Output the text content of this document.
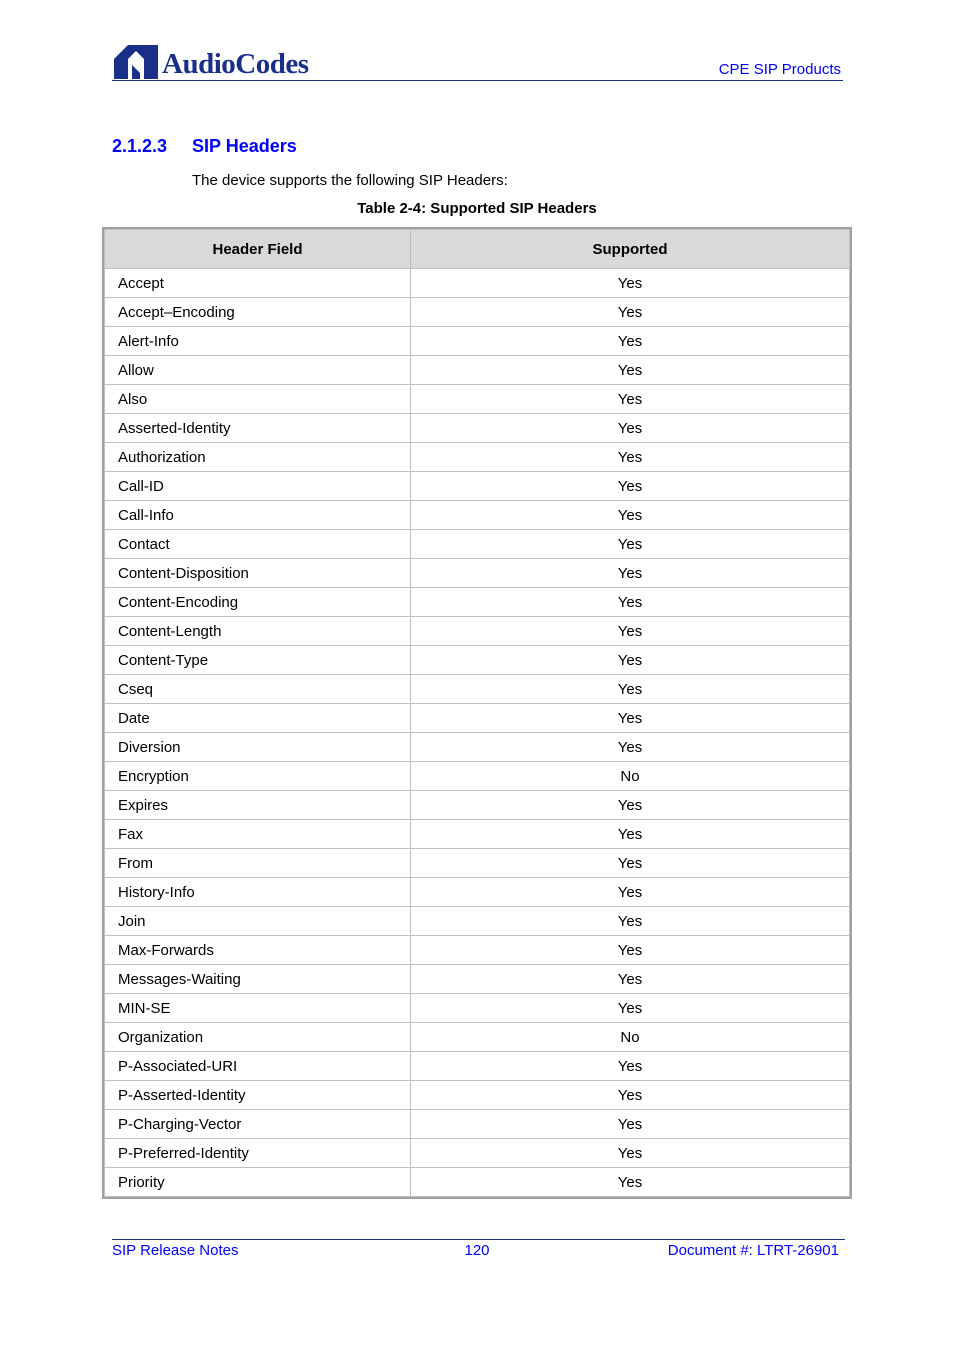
AudioCodes	CPE SIP Products
2.1.2.3 SIP Headers
The device supports the following SIP Headers:
Table 2-4: Supported SIP Headers
Header Field	Supported
Accept	Yes
Accept–Encoding	Yes
Alert-Info	Yes
Allow	Yes
Also	Yes
Asserted-Identity	Yes
Authorization	Yes
Call-ID	Yes
Call-Info	Yes
Contact	Yes
Content-Disposition	Yes
Content-Encoding	Yes
Content-Length	Yes
Content-Type	Yes
Cseq	Yes
Date	Yes
Diversion	Yes
Encryption	No
Expires	Yes
Fax	Yes
From	Yes
History-Info	Yes
Join	Yes
Max-Forwards	Yes
Messages-Waiting	Yes
MIN-SE	Yes
Organization	No
P-Associated-URI	Yes
P-Asserted-Identity	Yes
P-Charging-Vector	Yes
P-Preferred-Identity	Yes
Priority	Yes
SIP Release Notes	120	Document #: LTRT-26901
